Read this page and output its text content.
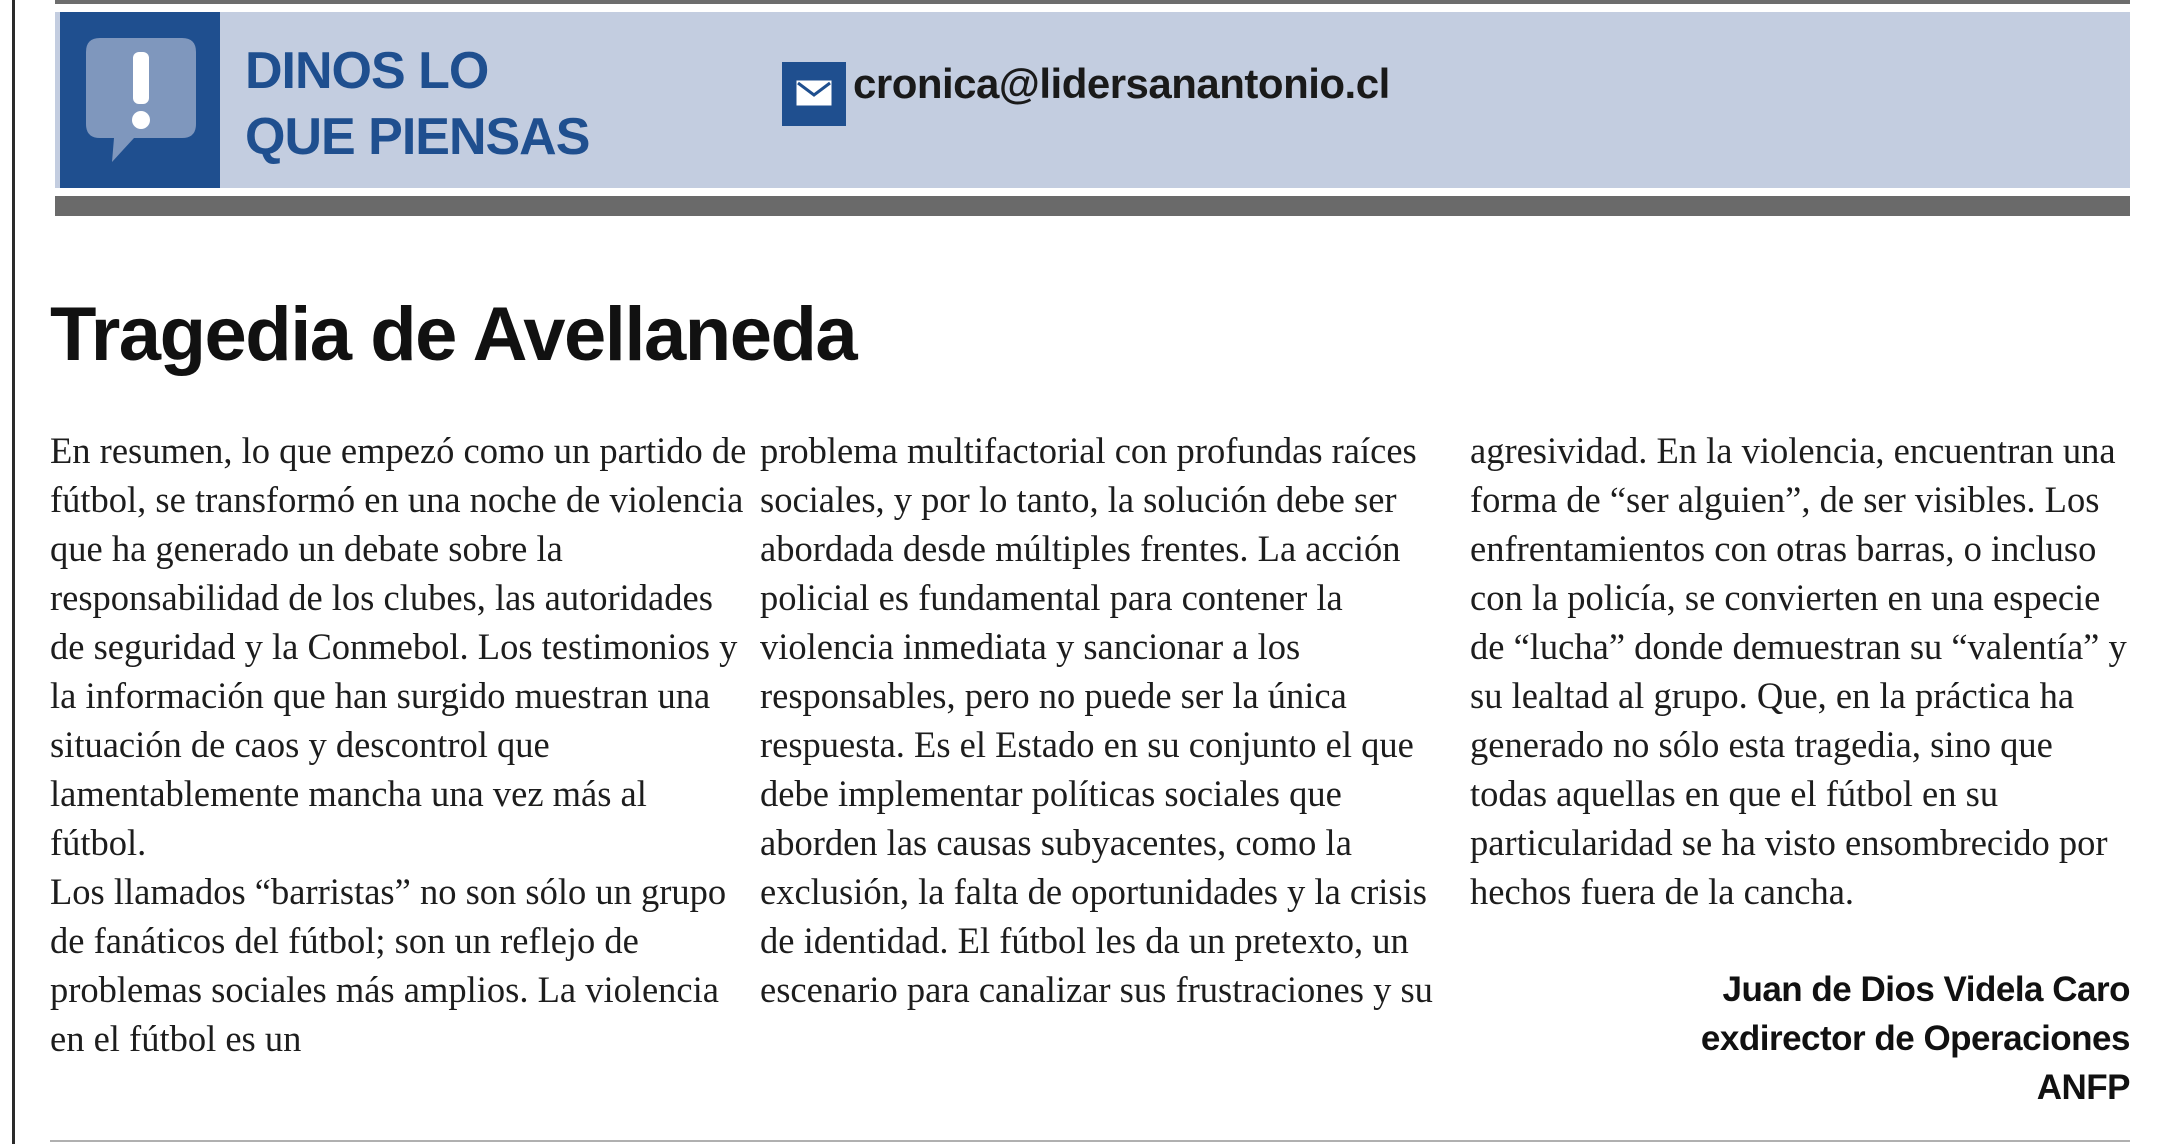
DINOS LO
QUE PIENSAS
cronica@lidersanantonio.cl
Tragedia de Avellaneda

En resumen, lo que empezó como un partido de fútbol, se transformó en una noche de violencia que ha generado un debate sobre la responsabilidad de los clubes, las autoridades de seguridad y la Conmebol. Los testimonios y la información que han surgido muestran una situación de caos y descontrol que lamentablemente mancha una vez más al fútbol.

Los llamados “barristas” no son sólo un grupo de fanáticos del fútbol; son un reflejo de problemas sociales más amplios. La violencia en el fútbol es un

problema multifactorial con profundas raíces sociales, y por lo tanto, la solución debe ser abordada desde múltiples frentes. La acción policial es fundamental para contener la violencia inmediata y sancionar a los responsables, pero no puede ser la única respuesta. Es el Estado en su conjunto el que debe implementar políticas sociales que aborden las causas subyacentes, como la exclusión, la falta de oportunidades y la crisis de identidad. El fútbol les da un pretexto, un escenario para canalizar sus frustraciones y su

agresividad. En la violencia, encuentran una forma de “ser alguien”, de ser visibles. Los enfrentamientos con otras barras, o incluso con la policía, se convierten en una especie de “lucha” donde demuestran su “valentía” y su lealtad al grupo. Que, en la práctica ha generado no sólo esta tragedia, sino que todas aquellas en que el fútbol en su particularidad se ha visto ensombrecido por hechos fuera de la cancha.

Juan de Dios Videla Caro
exdirector de Operaciones
ANFP
